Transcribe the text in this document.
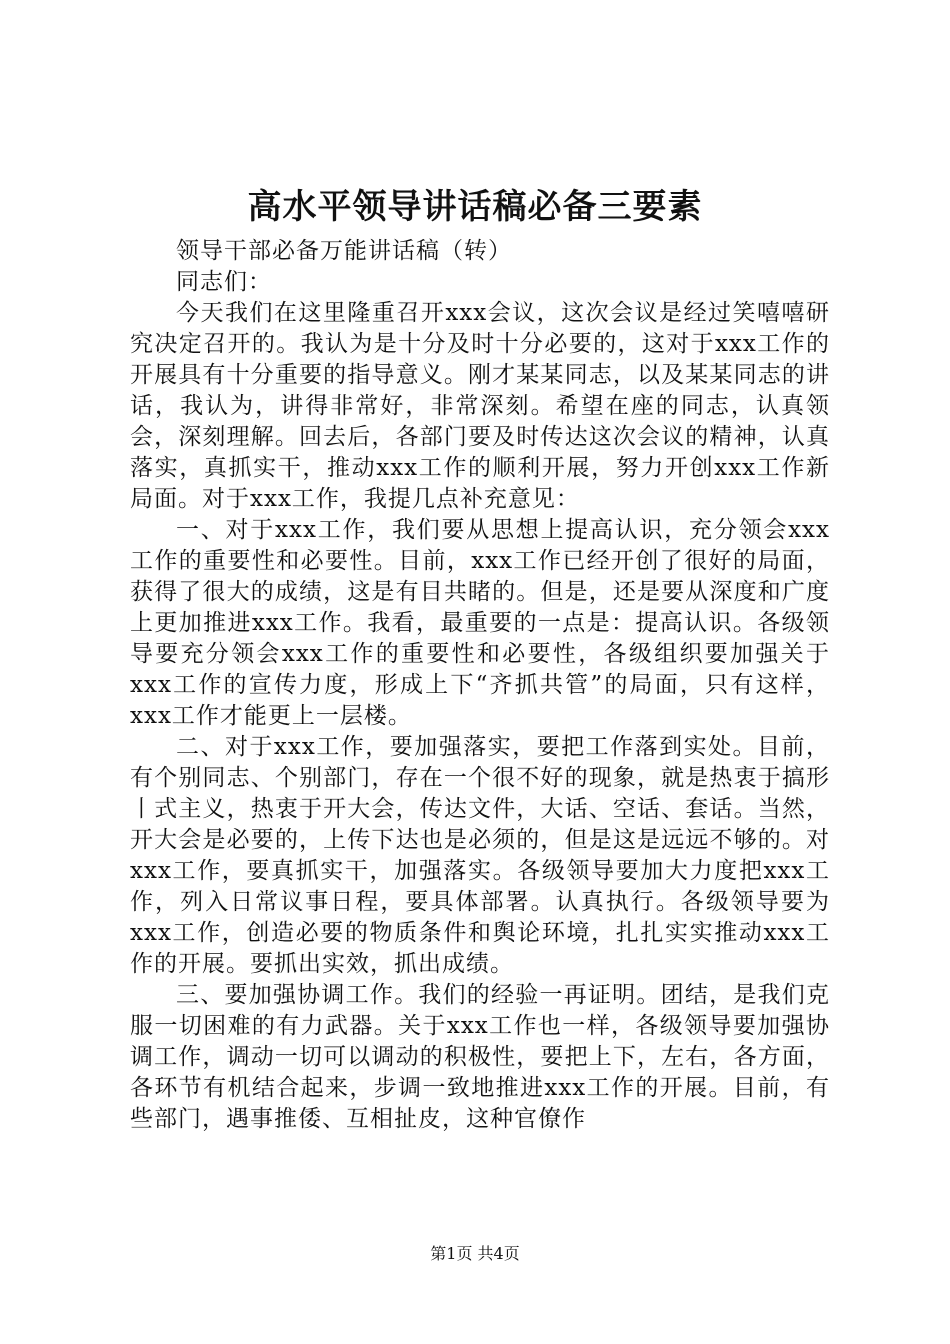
高水平领导讲话稿必备三要素

领导干部必备万能讲话稿（转）

同志们：

今天我们在这里隆重召开xxx会议，这次会议是经过笑嘻嘻研究决定召开的。我认为是十分及时十分必要的，这对于xxx工作的开展具有十分重要的指导意义。刚才某某同志，以及某某同志的讲话，我认为，讲得非常好，非常深刻。希望在座的同志，认真领会，深刻理解。回去后，各部门要及时传达这次会议的精神，认真落实，真抓实干，推动xxx工作的顺利开展，努力开创xxx工作新局面。对于xxx工作，我提几点补充意见：

一、对于xxx工作，我们要从思想上提高认识，充分领会xxx工作的重要性和必要性。目前，xxx工作已经开创了很好的局面，获得了很大的成绩，这是有目共睹的。但是，还是要从深度和广度上更加推进xxx工作。我看，最重要的一点是：提高认识。各级领导要充分领会xxx工作的重要性和必要性，各级组织要加强关于xxx工作的宣传力度，形成上下“齐抓共管”的局面，只有这样，xxx工作才能更上一层楼。

二、对于xxx工作，要加强落实，要把工作落到实处。目前，有个别同志、个别部门，存在一个很不好的现象，就是热衷于搞形丨式主义，热衷于开大会，传达文件，大话、空话、套话。当然，开大会是必要的，上传下达也是必须的，但是这是远远不够的。对xxx工作，要真抓实干，加强落实。各级领导要加大力度把xxx工作，列入日常议事日程，要具体部署。认真执行。各级领导要为xxx工作，创造必要的物质条件和舆论环境，扎扎实实推动xxx工作的开展。要抓出实效，抓出成绩。

三、要加强协调工作。我们的经验一再证明。团结，是我们克服一切困难的有力武器。关于xxx工作也一样，各级领导要加强协调工作，调动一切可以调动的积极性，要把上下，左右，各方面，各环节有机结合起来，步调一致地推进xxx工作的开展。目前，有些部门，遇事推倭、互相扯皮，这种官僚作

第1页 共4页
